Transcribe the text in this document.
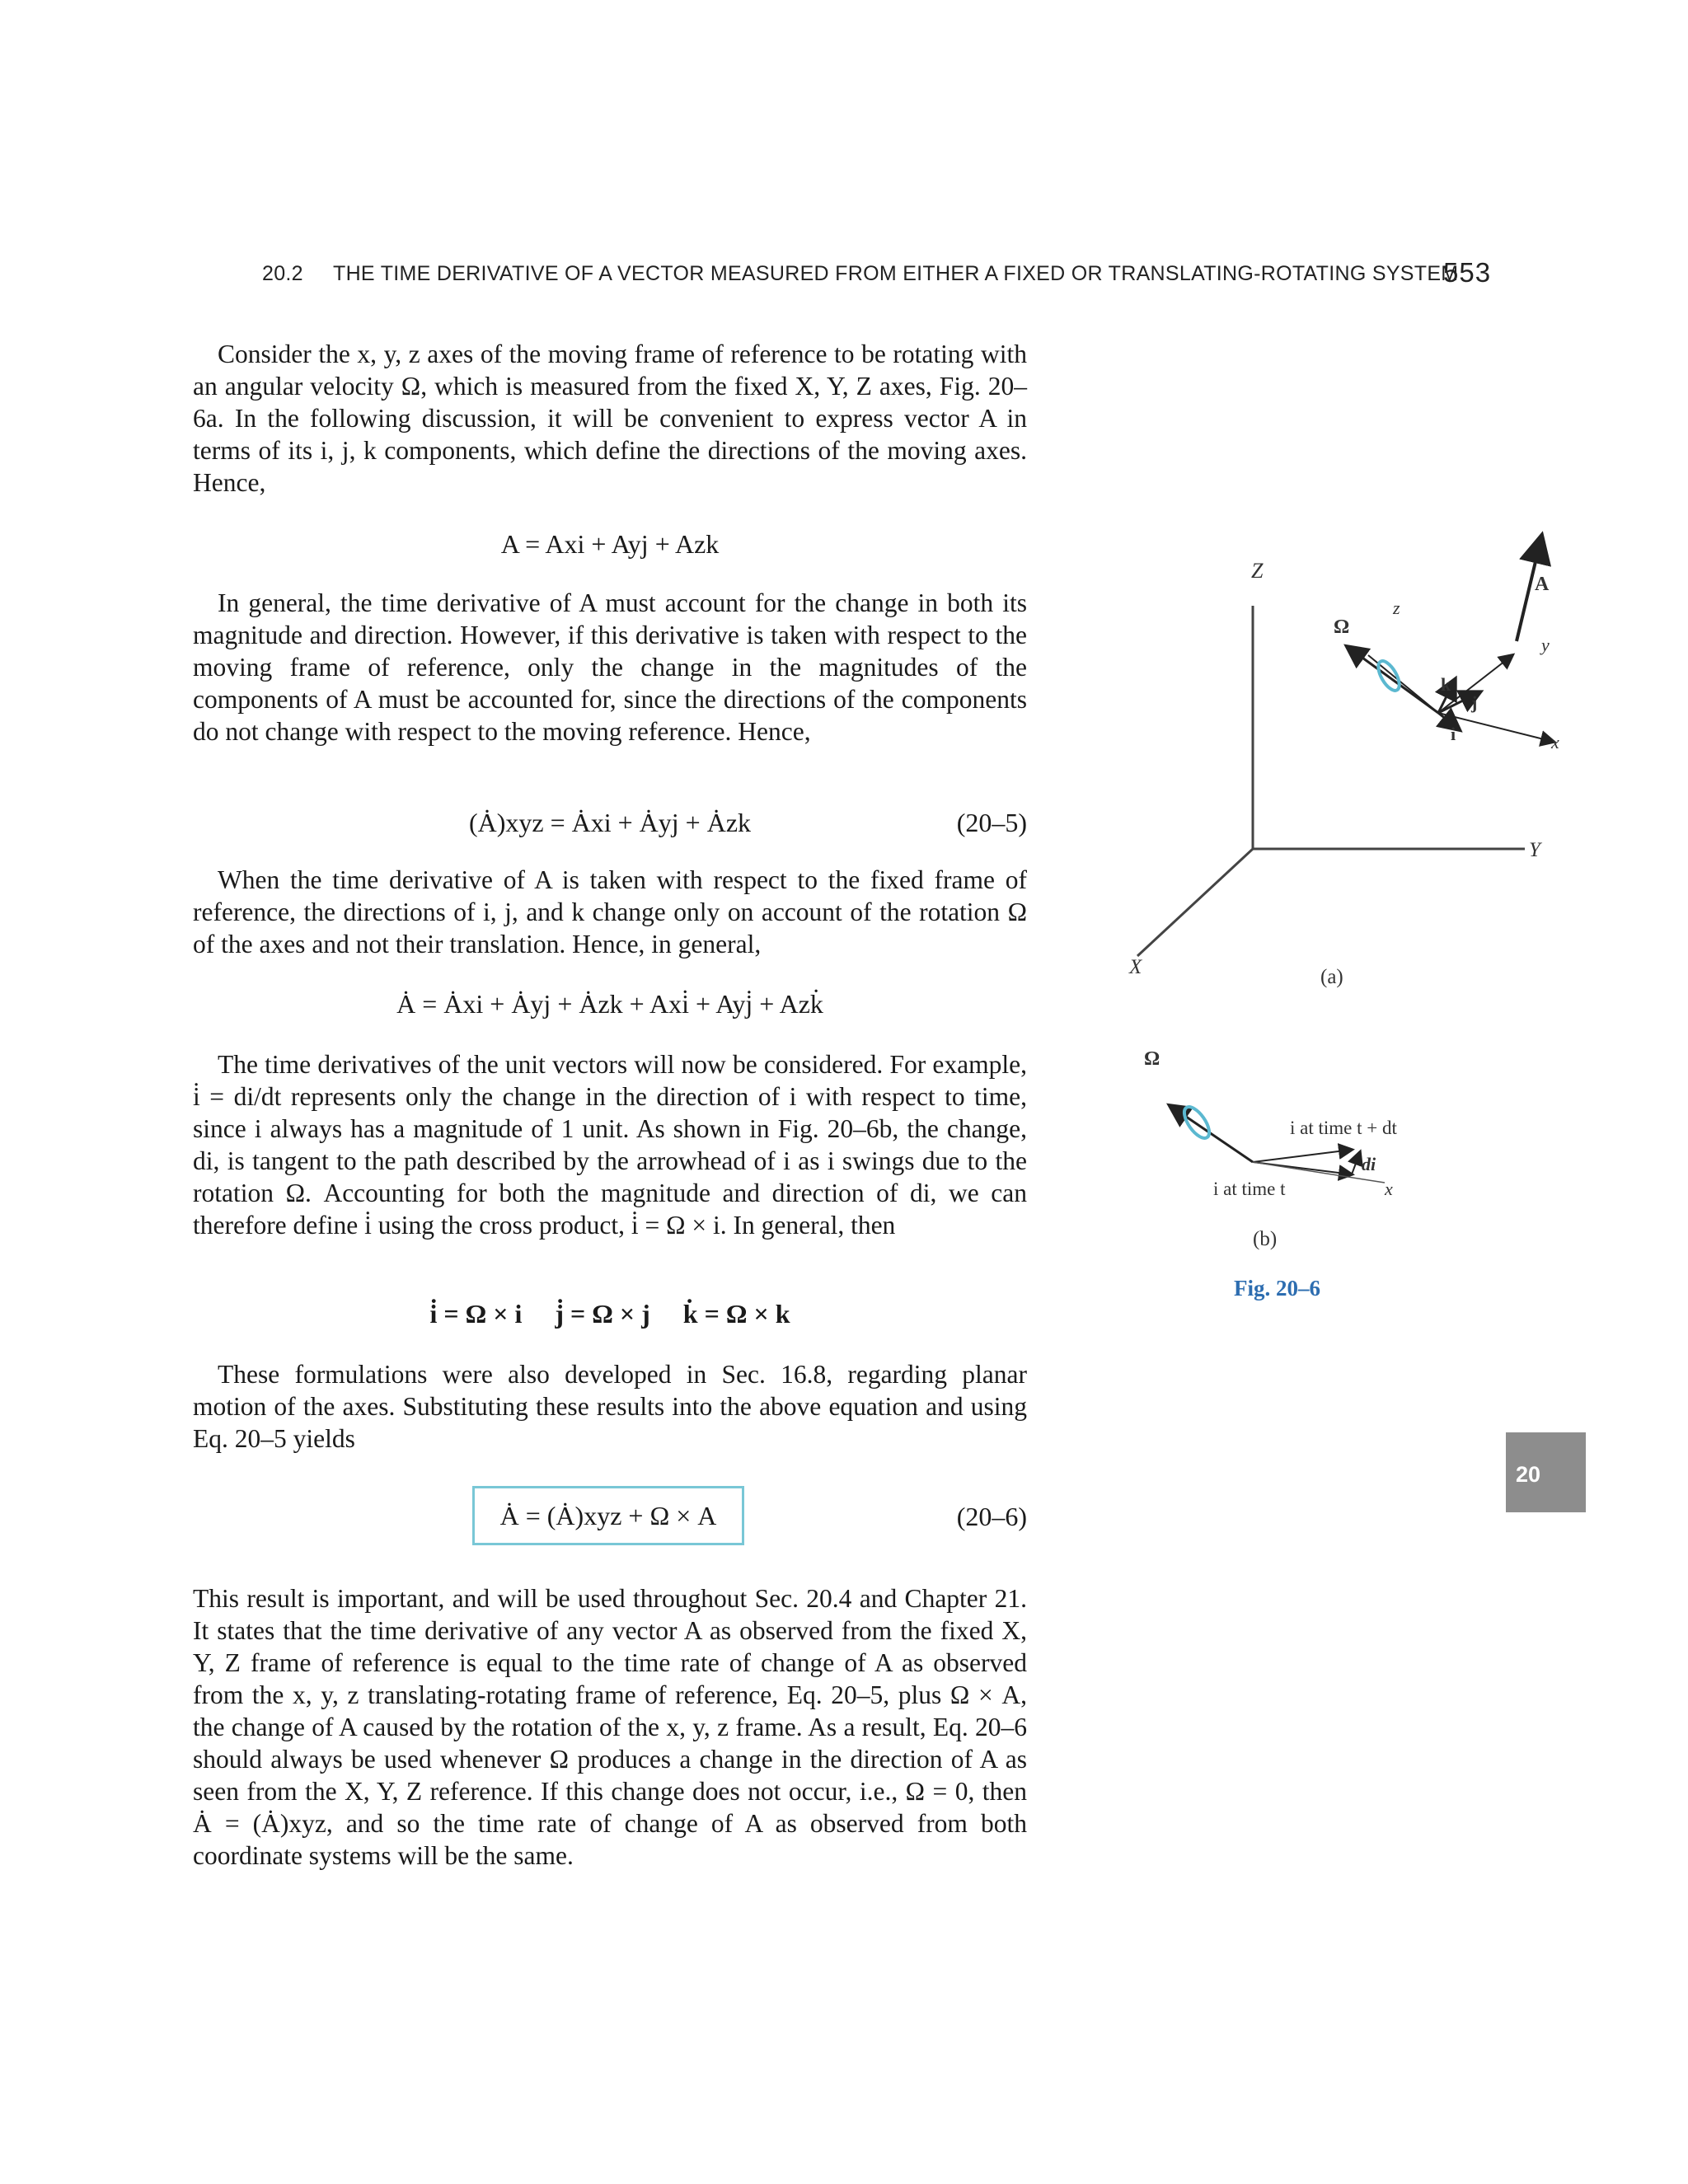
20.2 THE TIME DERIVATIVE OF A VECTOR MEASURED FROM EITHER A FIXED OR TRANSLATING-ROTATING SYSTEM
553

Consider the x, y, z axes of the moving frame of reference to be rotating with an angular velocity Ω, which is measured from the fixed X, Y, Z axes, Fig. 20–6a. In the following discussion, it will be convenient to express vector A in terms of its i, j, k components, which define the directions of the moving axes. Hence,

A = Axi + Ayj + Azk

In general, the time derivative of A must account for the change in both its magnitude and direction. However, if this derivative is taken with respect to the moving frame of reference, only the change in the magnitudes of the components of A must be accounted for, since the directions of the components do not change with respect to the moving reference. Hence,

(Ȧ)xyz = Ȧxi + Ȧyj + Ȧzk	(20–5)

When the time derivative of A is taken with respect to the fixed frame of reference, the directions of i, j, and k change only on account of the rotation Ω of the axes and not their translation. Hence, in general,

Ȧ = Ȧxi + Ȧyj + Ȧzk + Axi̇ + Ayj̇ + Azk̇

The time derivatives of the unit vectors will now be considered. For example, i̇ = di/dt represents only the change in the direction of i with respect to time, since i always has a magnitude of 1 unit. As shown in Fig. 20–6b, the change, di, is tangent to the path described by the arrowhead of i as i swings due to the rotation Ω. Accounting for both the magnitude and direction of di, we can therefore define i̇ using the cross product, i̇ = Ω × i. In general, then

i̇ = Ω × i     j̇ = Ω × j     k̇ = Ω × k

These formulations were also developed in Sec. 16.8, regarding planar motion of the axes. Substituting these results into the above equation and using Eq. 20–5 yields

Ȧ = (Ȧ)xyz + Ω × A	(20–6)

This result is important, and will be used throughout Sec. 20.4 and Chapter 21. It states that the time derivative of any vector A as observed from the fixed X, Y, Z frame of reference is equal to the time rate of change of A as observed from the x, y, z translating-rotating frame of reference, Eq. 20–5, plus Ω × A, the change of A caused by the rotation of the x, y, z frame. As a result, Eq. 20–6 should always be used whenever Ω produces a change in the direction of A as seen from the X, Y, Z reference. If this change does not occur, i.e., Ω = 0, then Ȧ = (Ȧ)xyz, and so the time rate of change of A as observed from both coordinate systems will be the same.

Z
Y
X
z
y
x
A
Ω
k
j
i
(a)
Ω
i at time t + dt
di
i at time t	x
(b)
Fig. 20–6
20
